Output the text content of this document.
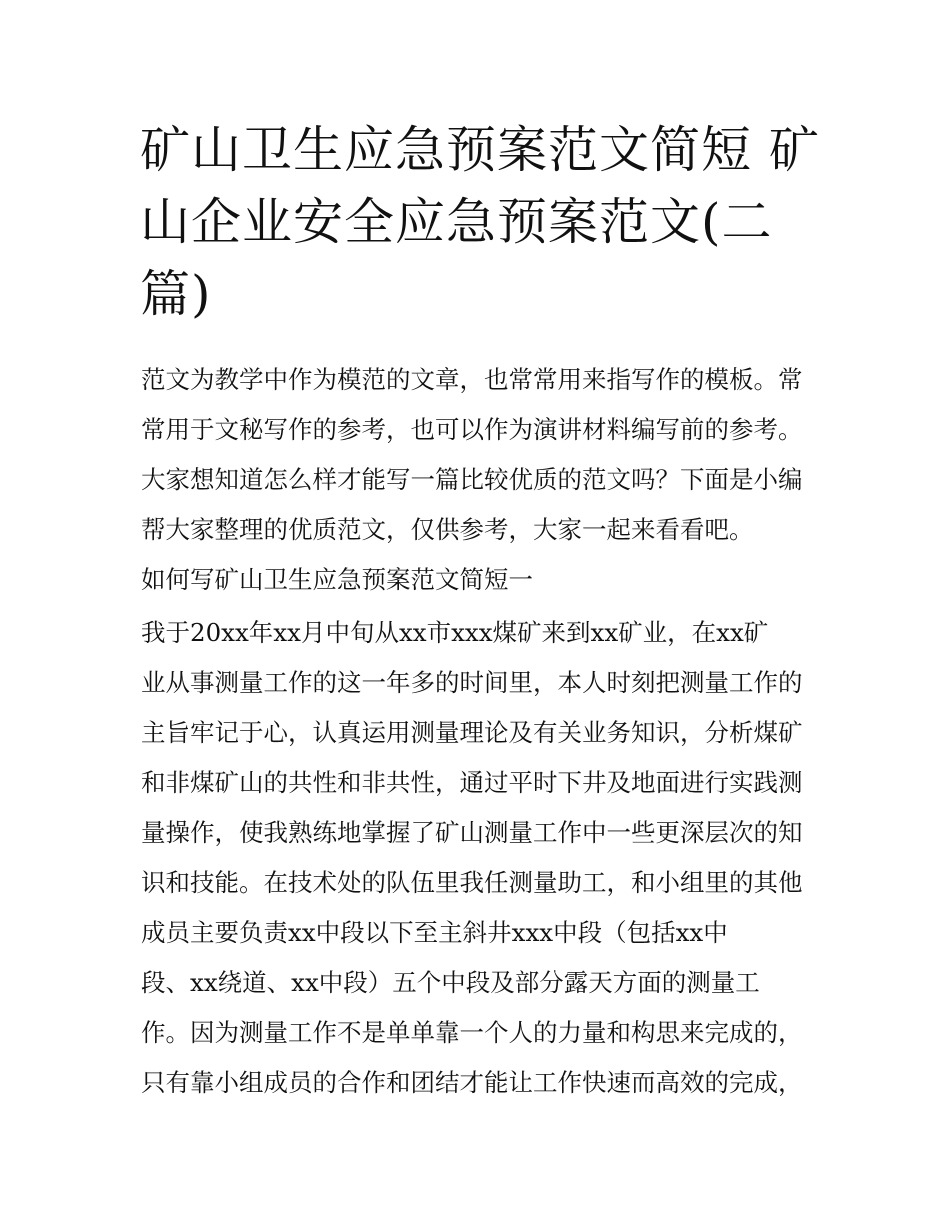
矿山卫生应急预案范文简短 矿山企业安全应急预案范文(二篇)

范文为教学中作为模范的文章，也常常用来指写作的模板。常

常用于文秘写作的参考，也可以作为演讲材料编写前的参考。

大家想知道怎么样才能写一篇比较优质的范文吗？下面是小编

帮大家整理的优质范文，仅供参考，大家一起来看看吧。

如何写矿山卫生应急预案范文简短一

我于20xx年xx月中旬从xx市xxx煤矿来到xx矿业，在xx矿

业从事测量工作的这一年多的时间里，本人时刻把测量工作的

主旨牢记于心，认真运用测量理论及有关业务知识，分析煤矿

和非煤矿山的共性和非共性，通过平时下井及地面进行实践测

量操作，使我熟练地掌握了矿山测量工作中一些更深层次的知

识和技能。在技术处的队伍里我任测量助工，和小组里的其他

成员主要负责xx中段以下至主斜井xxx中段（包括xx中

段、xx绕道、xx中段）五个中段及部分露天方面的测量工

作。因为测量工作不是单单靠一个人的力量和构思来完成的，

只有靠小组成员的合作和团结才能让工作快速而高效的完成，
